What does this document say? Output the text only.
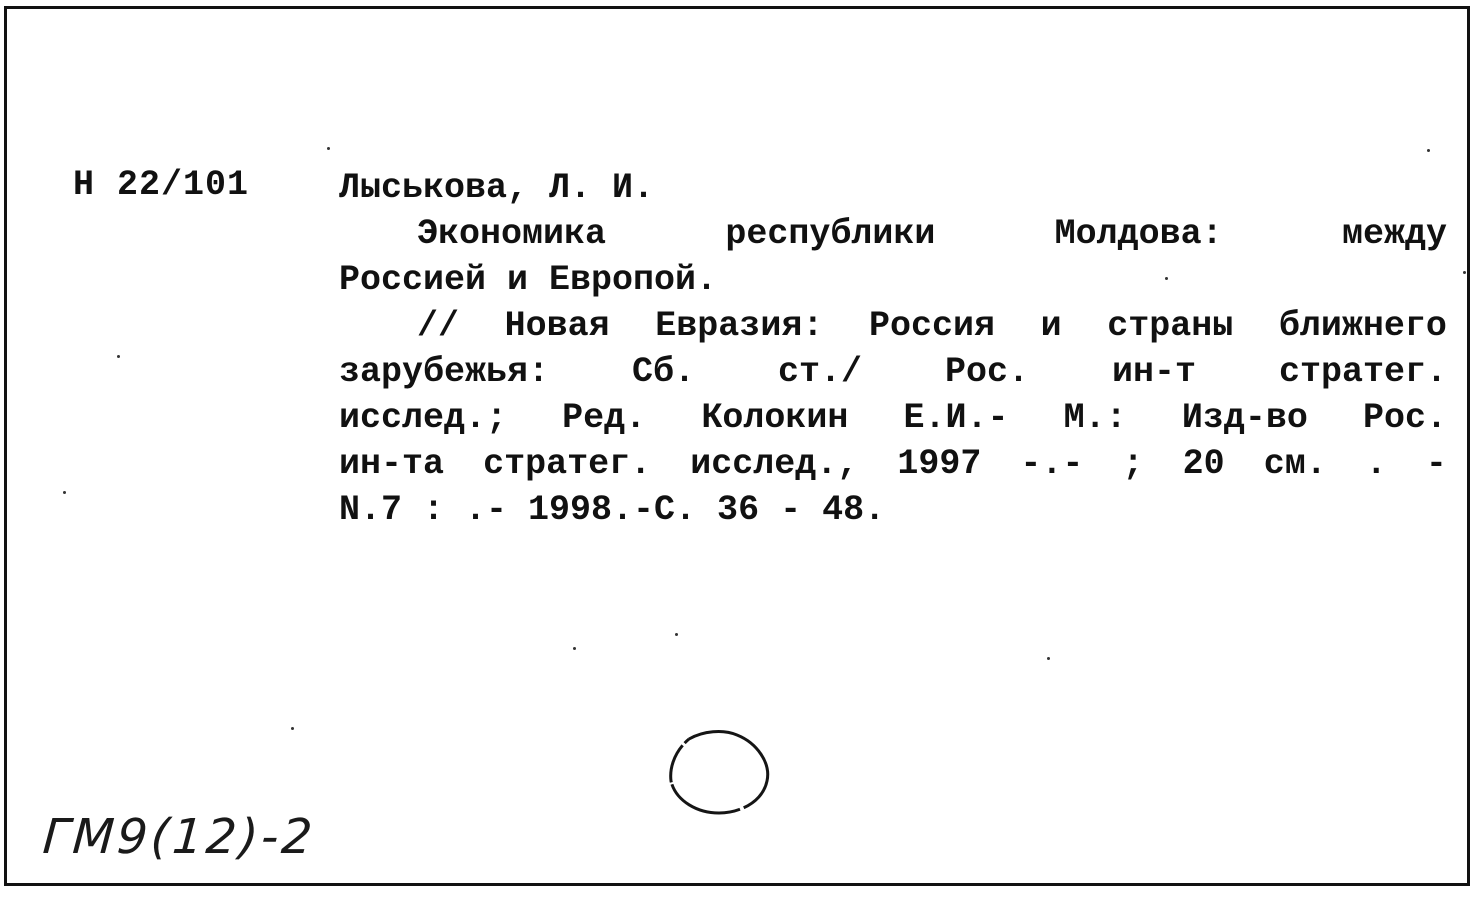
Н 22/101	Лыськова, Л. И.
Экономика	республики	Молдова:	между
Россией и Европой.
// Новая Евразия: Россия и страны ближнего
зарубежья: Сб. ст./ Рос. ин-т стратег.
исслед.; Ред. Колокин Е.И.- М.: Изд-во Рос.
ин-та стратег. исслед., 1997 -.- ; 20 см. . -
N.7 : .- 1998.-С. 36 - 48.
ГМ9(12)-2
